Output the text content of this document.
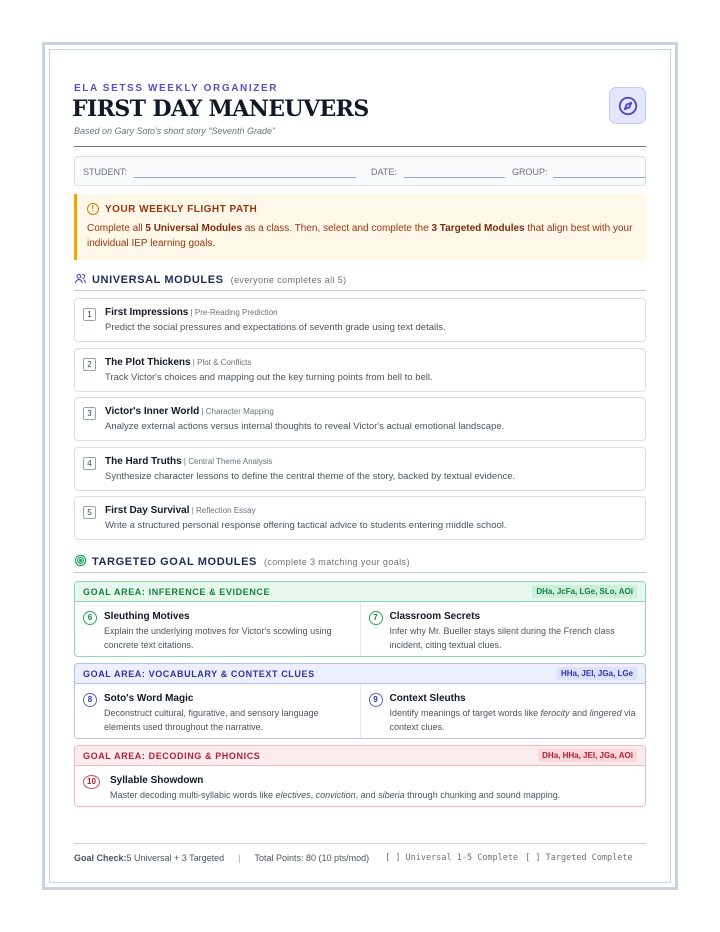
ELA SETSS WEEKLY ORGANIZER
FIRST DAY MANEUVERS
Based on Gary Soto's short story "Seventh Grade"
STUDENT:	DATE:	GROUP:
!	YOUR WEEKLY FLIGHT PATH
Complete all 5 Universal Modules as a class. Then, select and complete the 3 Targeted Modules that align best with your individual IEP learning goals.
UNIVERSAL MODULES (everyone completes all 5)
1	First Impressions | Pre-Reading Prediction
Predict the social pressures and expectations of seventh grade using text details.
2	The Plot Thickens | Plot & Conflicts
Track Victor's choices and mapping out the key turning points from bell to bell.
3	Victor's Inner World | Character Mapping
Analyze external actions versus internal thoughts to reveal Victor's actual emotional landscape.
4	The Hard Truths | Central Theme Analysis
Synthesize character lessons to define the central theme of the story, backed by textual evidence.
5	First Day Survival | Reflection Essay
Write a structured personal response offering tactical advice to students entering middle school.
TARGETED GOAL MODULES (complete 3 matching your goals)
GOAL AREA: INFERENCE & EVIDENCE	DHa, JcFa, LGe, SLo, AOi
6	Sleuthing Motives
Explain the underlying motives for Victor's scowling using concrete text citations.
7	Classroom Secrets
Infer why Mr. Bueller stays silent during the French class incident, citing textual clues.
GOAL AREA: VOCABULARY & CONTEXT CLUES	HHa, JEI, JGa, LGe
8	Soto's Word Magic
Deconstruct cultural, figurative, and sensory language elements used throughout the narrative.
9	Context Sleuths
Identify meanings of target words like ferocity and lingered via context clues.
GOAL AREA: DECODING & PHONICS	DHa, HHa, JEI, JGa, AOi
10	Syllable Showdown
Master decoding multi-syllabic words like electives, conviction, and siberia through chunking and sound mapping.
Goal Check: 5 Universal + 3 Targeted | Total Points: 80 (10 pts/mod) [ ] Universal 1-5 Complete [ ] Targeted Complete
